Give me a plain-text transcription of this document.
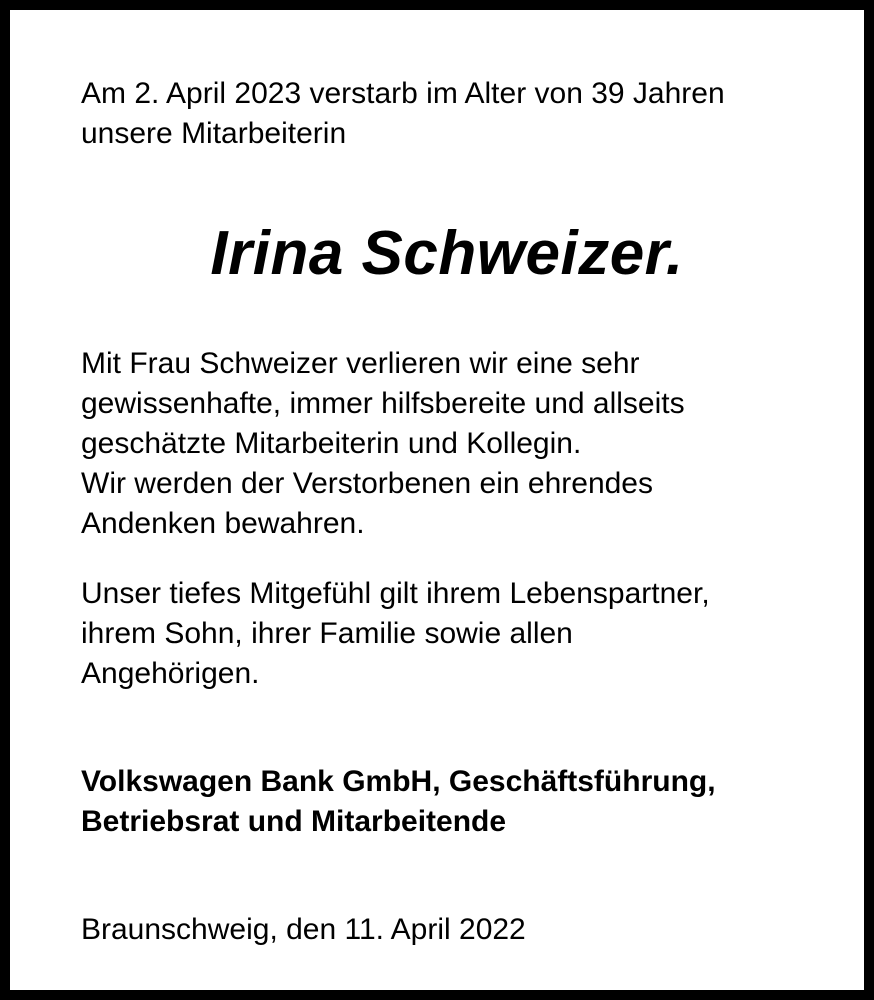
Am 2. April 2023 verstarb im Alter von 39 Jahren

unsere Mitarbeiterin

Irina Schweizer.

Mit Frau Schweizer verlieren wir eine sehr

gewissenhafte, immer hilfsbereite und allseits

geschätzte Mitarbeiterin und Kollegin.

Wir werden der Verstorbenen ein ehrendes

Andenken bewahren.

Unser tiefes Mitgefühl gilt ihrem Lebenspartner,

ihrem Sohn, ihrer Familie sowie allen

Angehörigen.

Volkswagen Bank GmbH, Geschäftsführung,

Betriebsrat und Mitarbeitende

Braunschweig, den 11. April 2022
